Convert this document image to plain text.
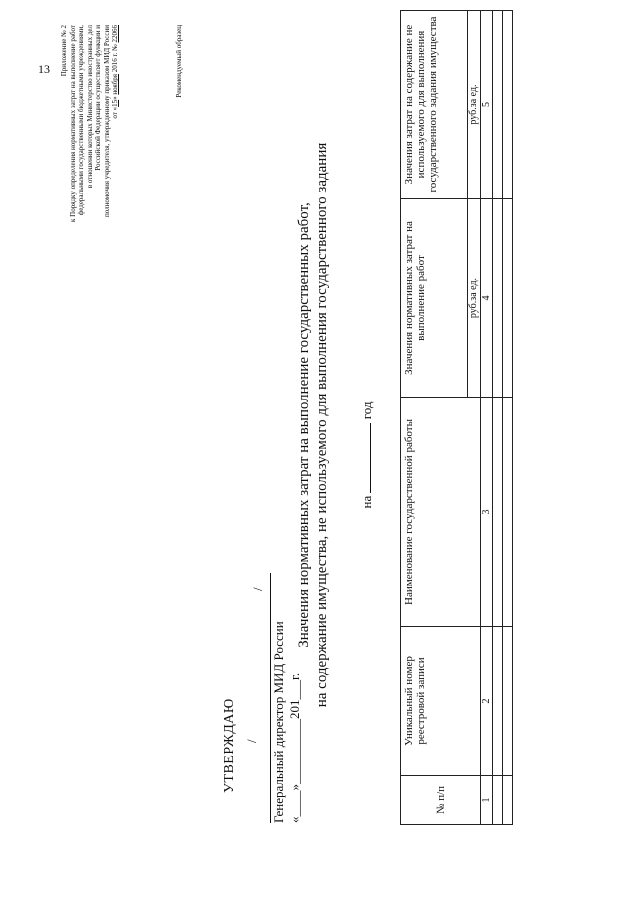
13 Приложение № 2 к Порядку определения нормативных затрат на выполнение работ федеральными государственными бюджетными учреждениями, в отношении которых Министерство иностранных дел Российской Федерации осуществляет функции и полномочия учредителя, утвержденному приказом МИД России от «15» ноября 2016 г. № 22066	Рекомендуемый образец
УТВЕРЖДАЮ /
/
Генеральный директор МИД России «____»__________201___г.
Значения нормативных затрат на выполнение государственных работ, на содержание имущества, не используемого для выполнения государственного задания на  год
№ п/п	Уникальный номер реестровой записи	Наименование государственной работы	Значения нормативных затрат на выполнение работ	Значения затрат на содержание не используемого для выполнения государственного задания имущества
			руб.за ед.	руб.за ед.
1	2	3	4	5
